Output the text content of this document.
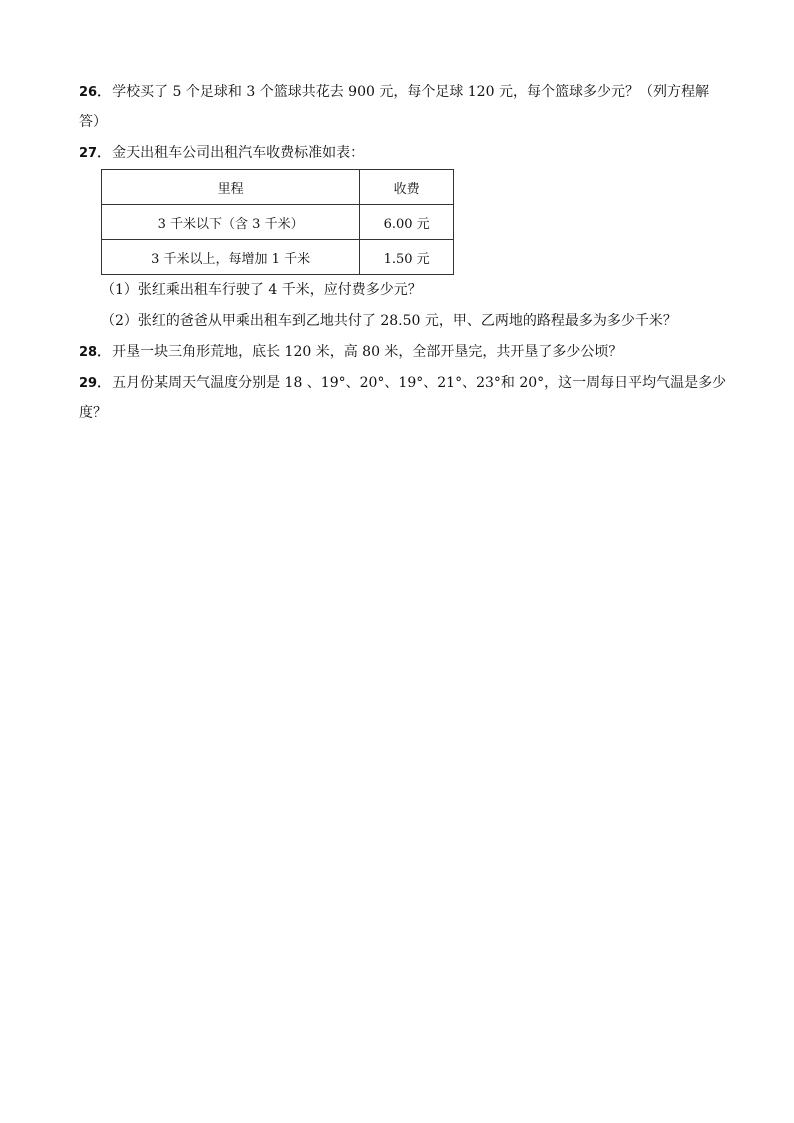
26． 学校买了 5 个足球和 3 个篮球共花去 900 元，每个足球 120 元，每个篮球多少元？（列方程解
答）
27． 金天出租车公司出租汽车收费标准如表：
里程	收费
3 千米以下（含 3 千米）	6.00 元
3 千米以上，每增加 1 千米	1.50 元
（1）张红乘出租车行驶了 4 千米，应付费多少元？
（2）张红的爸爸从甲乘出租车到乙地共付了 28.50 元，甲、乙两地的路程最多为多少千米？
28． 开垦一块三角形荒地，底长 120 米，高 80 米，全部开垦完，共开垦了多少公顷？
29． 五月份某周天气温度分别是 18 、19°、20°、19°、21°、23°和 20°，这一周每日平均气温是多少
度？
